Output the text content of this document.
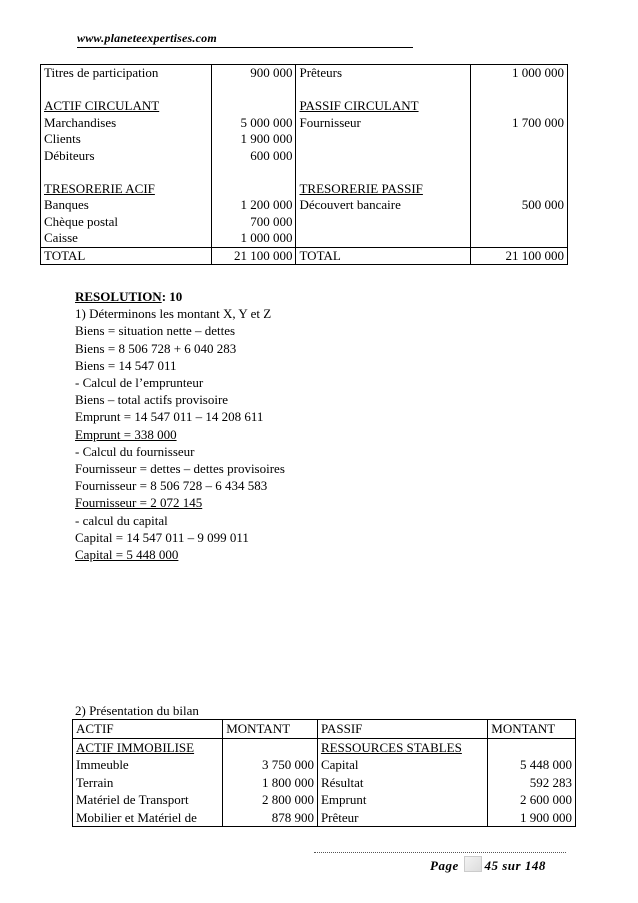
www.planeteexpertises.com
Titres de participation	900 000	Prêteurs	1 000 000

ACTIF CIRCULANT		PASSIF CIRCULANT	
Marchandises	5 000 000	Fournisseur	1 700 000
Clients	1 900 000		
Débiteurs	600 000		

TRESORERIE ACIF		TRESORERIE PASSIF	
Banques	1 200 000	Découvert bancaire	500 000
Chèque postal	700 000		
Caisse	1 000 000		
TOTAL	21 100 000	TOTAL	21 100 000
RESOLUTION: 10
1) Déterminons les montant X, Y et Z
Biens = situation nette – dettes
Biens = 8 506 728 + 6 040 283
Biens = 14 547 011
- Calcul de l’emprunteur
Biens – total actifs provisoire
Emprunt = 14 547 011 – 14 208 611
Emprunt = 338 000
- Calcul du fournisseur
Fournisseur = dettes – dettes provisoires
Fournisseur = 8 506 728 – 6 434 583
Fournisseur = 2 072 145
- calcul du capital
Capital = 14 547 011 – 9 099 011
Capital = 5 448 000
2) Présentation du bilan
ACTIF	MONTANT	PASSIF	MONTANT
ACTIF IMMOBILISE		RESSOURCES STABLES	
Immeuble	3 750 000	Capital	5 448 000
Terrain	1 800 000	Résultat	592 283
Matériel de Transport	2 800 000	Emprunt	2 600 000
Mobilier et Matériel de	878 900	Prêteur	1 900 000
Page 45 sur 148
